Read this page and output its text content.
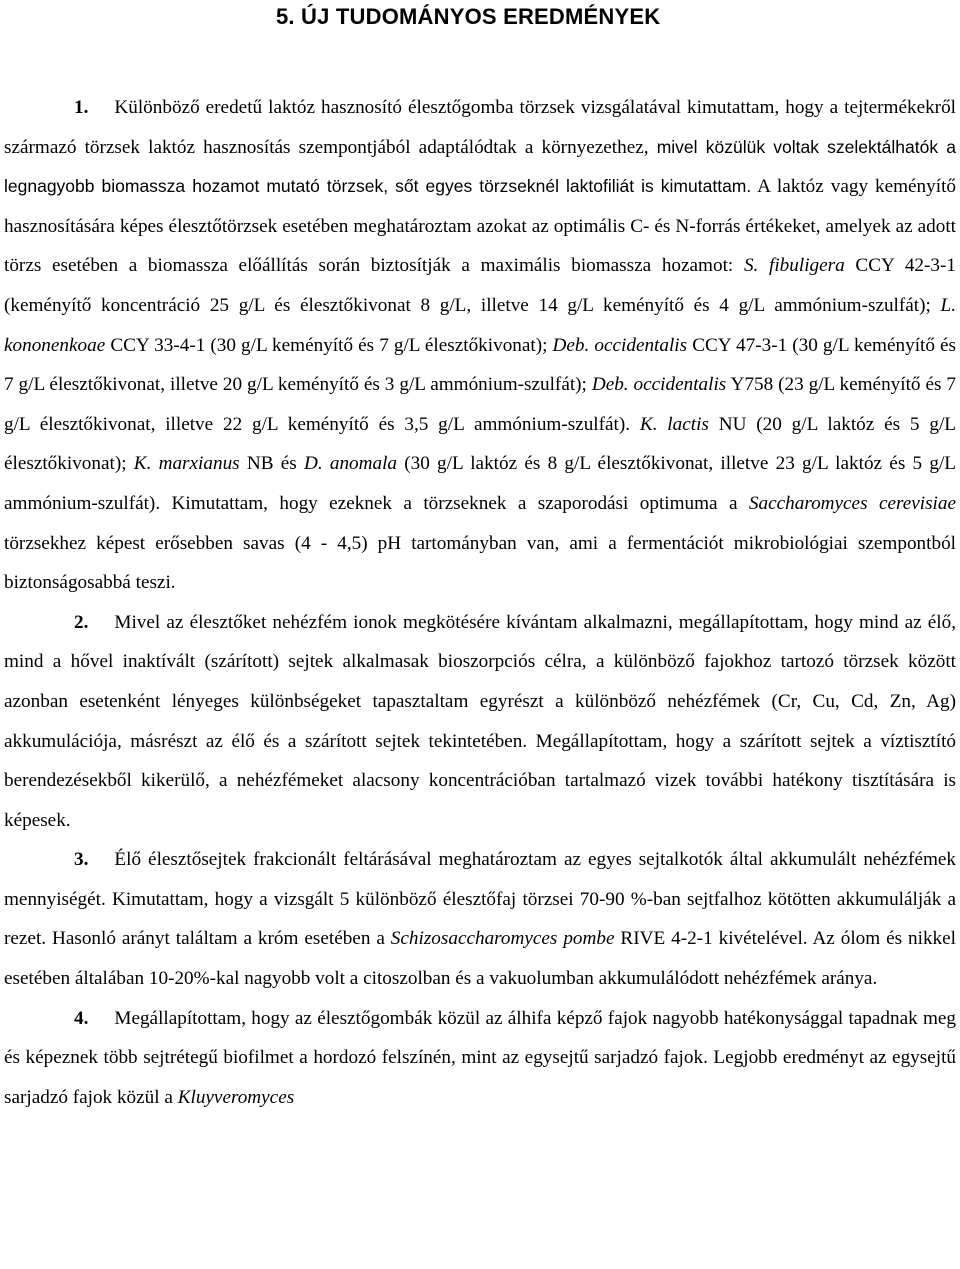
5. ÚJ TUDOMÁNYOS EREDMÉNYEK

1. Különböző eredetű laktóz hasznosító élesztőgomba törzsek vizsgálatával kimutattam, hogy a tejtermékekről származó törzsek laktóz hasznosítás szempontjából adaptálódtak a környezethez, mivel közülük voltak szelektálhatók a legnagyobb biomassza hozamot mutató törzsek, sőt egyes törzseknél laktofiliát is kimutattam. A laktóz vagy keményítő hasznosítására képes élesztőtörzsek esetében meghatároztam azokat az optimális C- és N-forrás értékeket, amelyek az adott törzs esetében a biomassza előállítás során biztosítják a maximális biomassza hozamot: S. fibuligera CCY 42-3-1 (keményítő koncentráció 25 g/L és élesztőkivonat 8 g/L, illetve 14 g/L keményítő és 4 g/L ammónium-szulfát); L. kononenkoae CCY 33-4-1 (30 g/L keményítő és 7 g/L élesztőkivonat); Deb. occidentalis CCY 47-3-1 (30 g/L keményítő és 7 g/L élesztőkivonat, illetve 20 g/L keményítő és 3 g/L ammónium-szulfát); Deb. occidentalis Y758 (23 g/L keményítő és 7 g/L élesztőkivonat, illetve 22 g/L keményítő és 3,5 g/L ammónium-szulfát). K. lactis NU (20 g/L laktóz és 5 g/L élesztőkivonat); K. marxianus NB és D. anomala (30 g/L laktóz és 8 g/L élesztőkivonat, illetve 23 g/L laktóz és 5 g/L ammónium-szulfát). Kimutattam, hogy ezeknek a törzseknek a szaporodási optimuma a Saccharomyces cerevisiae törzsekhez képest erősebben savas (4 - 4,5) pH tartományban van, ami a fermentációt mikrobiológiai szempontból biztonságosabbá teszi.

2. Mivel az élesztőket nehézfém ionok megkötésére kívántam alkalmazni, megállapítottam, hogy mind az élő, mind a hővel inaktívált (szárított) sejtek alkalmasak bioszorpciós célra, a különböző fajokhoz tartozó törzsek között azonban esetenként lényeges különbségeket tapasztaltam egyrészt a különböző nehézfémek (Cr, Cu, Cd, Zn, Ag) akkumulációja, másrészt az élő és a szárított sejtek tekintetében. Megállapítottam, hogy a szárított sejtek a víztisztító berendezésekből kikerülő, a nehézfémeket alacsony koncentrációban tartalmazó vizek további hatékony tisztítására is képesek.

3. Élő élesztősejtek frakcionált feltárásával meghatároztam az egyes sejtalkotók által akkumulált nehézfémek mennyiségét. Kimutattam, hogy a vizsgált 5 különböző élesztőfaj törzsei 70-90 %-ban sejtfalhoz kötötten akkumulálják a rezet. Hasonló arányt találtam a króm esetében a Schizosaccharomyces pombe RIVE 4-2-1 kivételével. Az ólom és nikkel esetében általában 10-20%-kal nagyobb volt a citoszolban és a vakuolumban akkumulálódott nehézfémek aránya.

4. Megállapítottam, hogy az élesztőgombák közül az álhifa képző fajok nagyobb hatékonysággal tapadnak meg és képeznek több sejtrétegű biofilmet a hordozó felszínén, mint az egysejtű sarjadzó fajok. Legjobb eredményt az egysejtű sarjadzó fajok közül a Kluyveromyces
